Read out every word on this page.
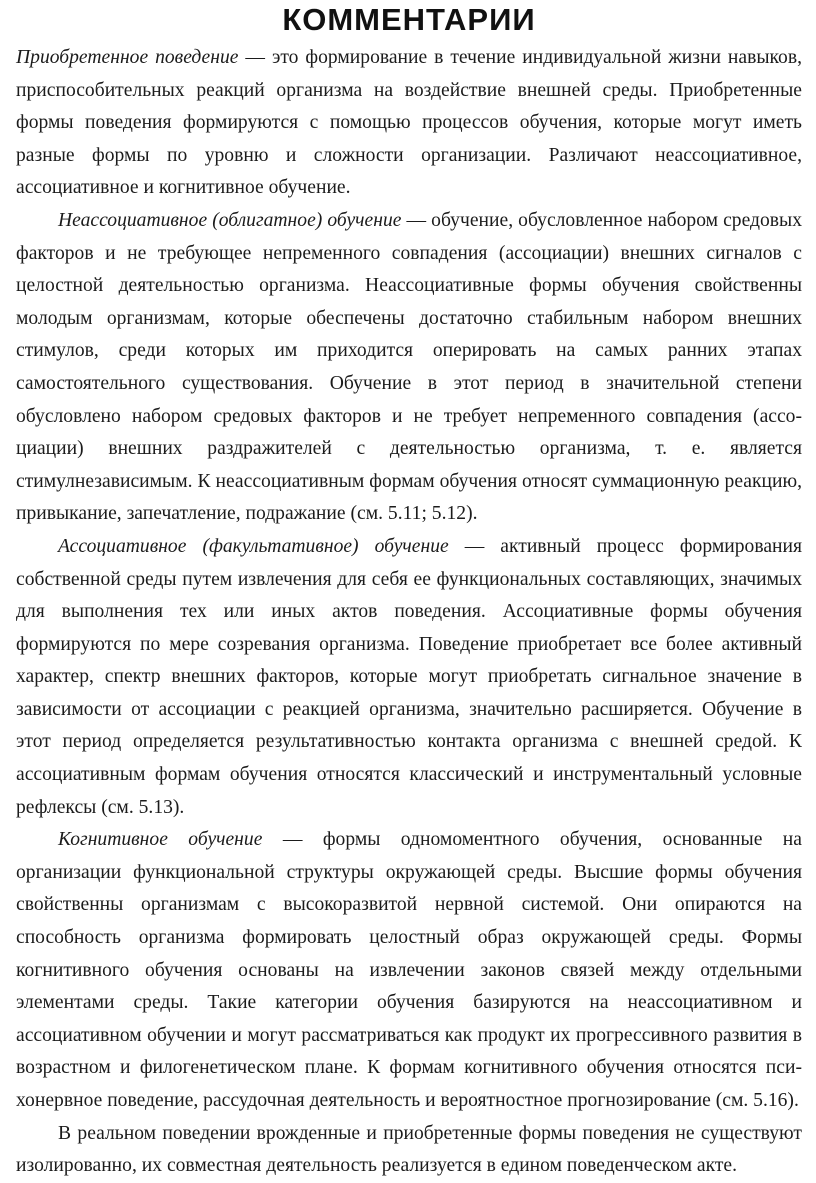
КОММЕНТАРИИ

Приобретенное поведение — это формирование в течение индивидуальной жизни навыков, приспособительных реакций организма на воздействие внешней среды. Приобретенные формы поведения формируются с помощью процессов обучения, которые могут иметь разные формы по уровню и сложности организации. Различают неассоциативное, ассоциативное и когнитивное обучение.

Неассоциативное (облигатное) обучение — обучение, обусловленное набором средовых факторов и не требующее непременного совпадения (ассоциации) внешних сигналов с целостной деятельностью организма. Неассоциативные формы обучения свойственны молодым организмам, которые обеспечены достаточно стабильным набором внешних стимулов, среди которых им приходится оперировать на самых ранних этапах самостоятельного существования. Обучение в этот период в значительной степени обусловлено набором средовых факторов и не требует непременного совпадения (ассоциации) внешних раздражителей с деятельностью организма, т. е. является стимулнезависимым. К неассоциативным формам обучения относят суммационную реакцию, привыкание, запечатление, подражание (см. 5.11; 5.12).

Ассоциативное (факультативное) обучение — активный процесс формирования собственной среды путем извлечения для себя ее функциональных составляющих, значимых для выполнения тех или иных актов поведения. Ассоциативные формы обучения формируются по мере созревания организма. Поведение приобретает все более активный характер, спектр внешних факторов, которые могут приобретать сигнальное значение в зависимости от ассоциации с реакцией организма, значительно расширяется. Обучение в этот период определяется результативностью контакта организма с внешней средой. К ассоциативным формам обучения относятся классический и инструментальный условные рефлексы (см. 5.13).

Когнитивное обучение — формы одномоментного обучения, основанные на организации функциональной структуры окружающей среды. Высшие формы обучения свойственны организмам с высокоразвитой нервной системой. Они опираются на способность организма формировать целостный образ окружающей среды. Формы когнитивного обучения основаны на извлечении законов связей между отдельными элементами среды. Такие категории обучения базируются на неассоциативном и ассоциативном обучении и могут рассматриваться как продукт их прогрессивного развития в возрастном и филогенетическом плане. К формам когнитивного обучения относятся психонервное поведение, рассудочная деятельность и вероятностное прогнозирование (см. 5.16).

В реальном поведении врожденные и приобретенные формы поведения не существуют изолированно, их совместная деятельность реализуется в едином поведенческом акте.
